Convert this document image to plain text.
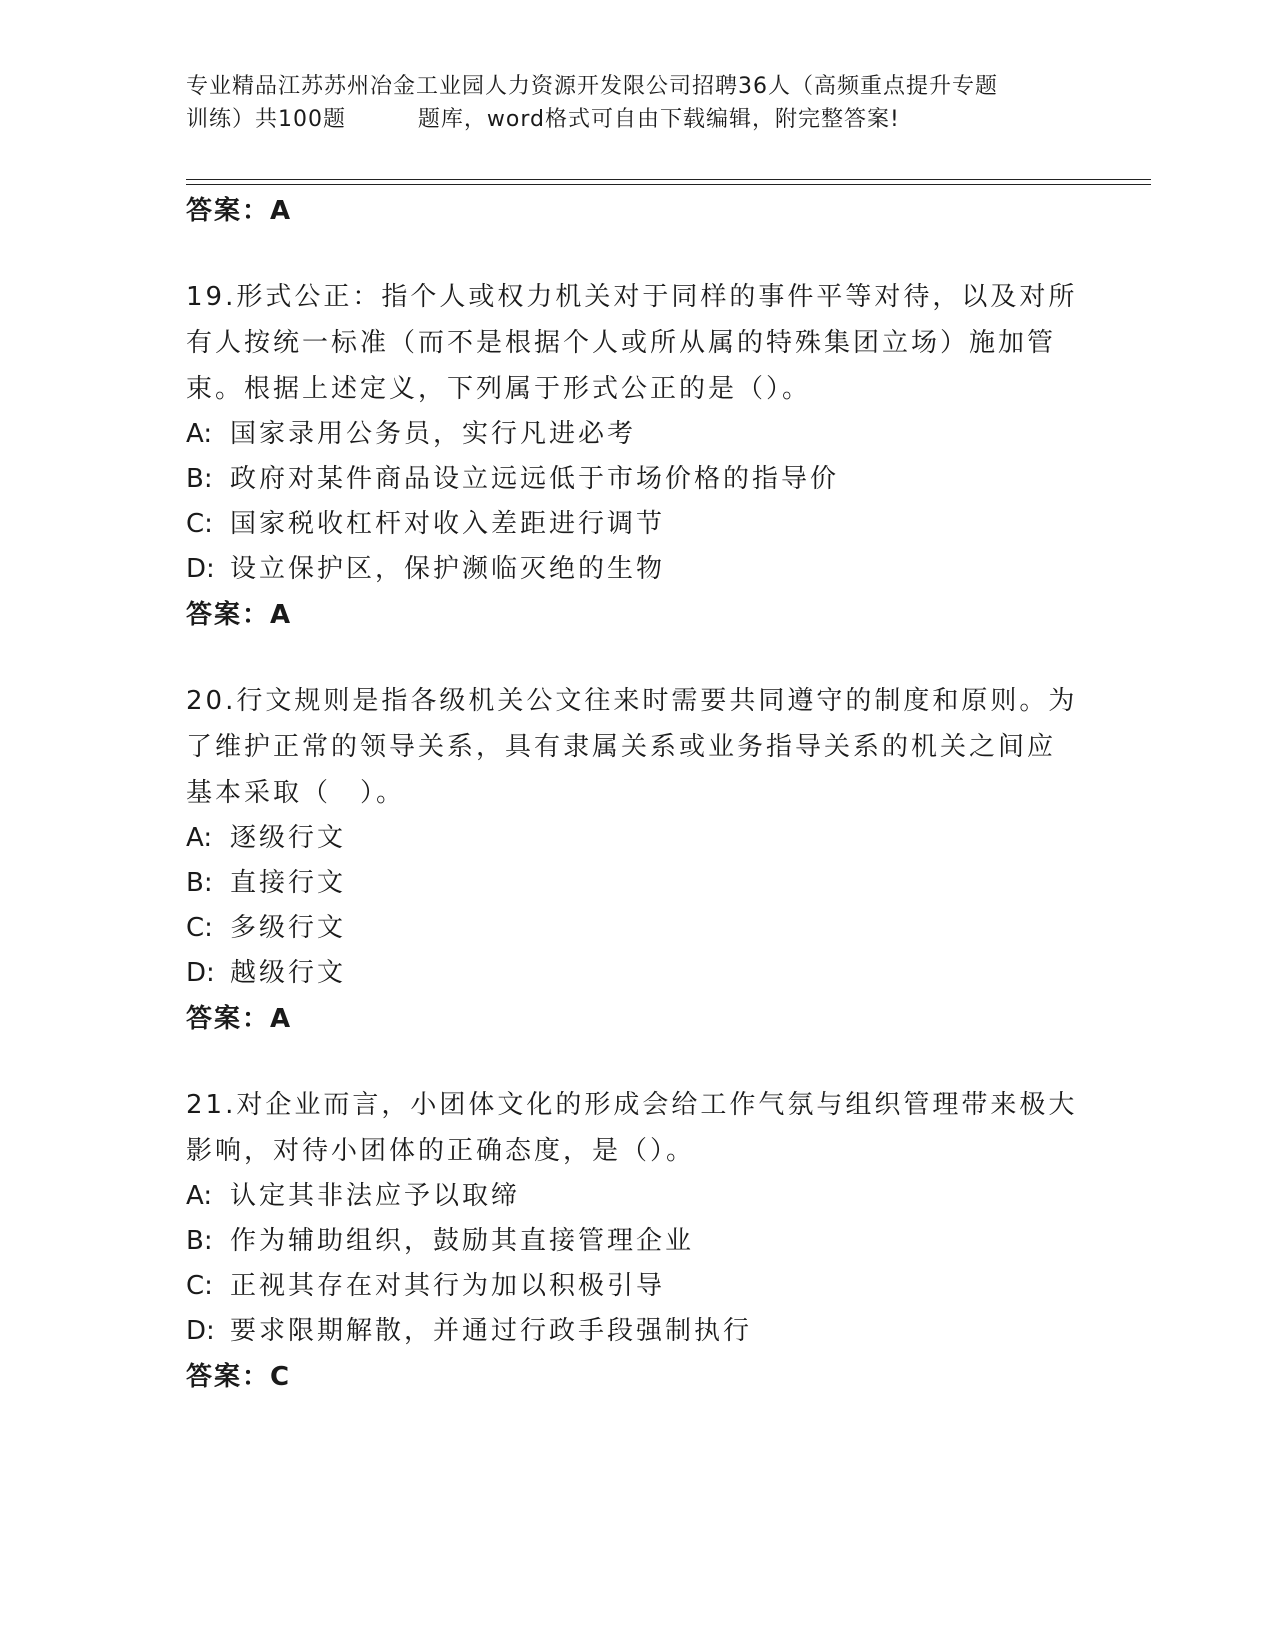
专业精品江苏苏州冶金工业园人力资源开发限公司招聘36人（高频重点提升专题
训练）共100题         题库，word格式可自由下载编辑，附完整答案!
答案：A
19.形式公正：指个人或权力机关对于同样的事件平等对待，以及对所
有人按统一标准（而不是根据个人或所从属的特殊集团立场）施加管
束。根据上述定义，下列属于形式公正的是（）。
A: 国家录用公务员，实行凡进必考
B: 政府对某件商品设立远远低于市场价格的指导价
C: 国家税收杠杆对收入差距进行调节
D: 设立保护区，保护濒临灭绝的生物
答案：A
20.行文规则是指各级机关公文往来时需要共同遵守的制度和原则。为
了维护正常的领导关系，具有隶属关系或业务指导关系的机关之间应
基本采取（　）。
A: 逐级行文
B: 直接行文
C: 多级行文
D: 越级行文
答案：A
21.对企业而言，小团体文化的形成会给工作气氛与组织管理带来极大
影响，对待小团体的正确态度，是（）。
A: 认定其非法应予以取缔
B: 作为辅助组织，鼓励其直接管理企业
C: 正视其存在对其行为加以积极引导
D: 要求限期解散，并通过行政手段强制执行
答案：C
